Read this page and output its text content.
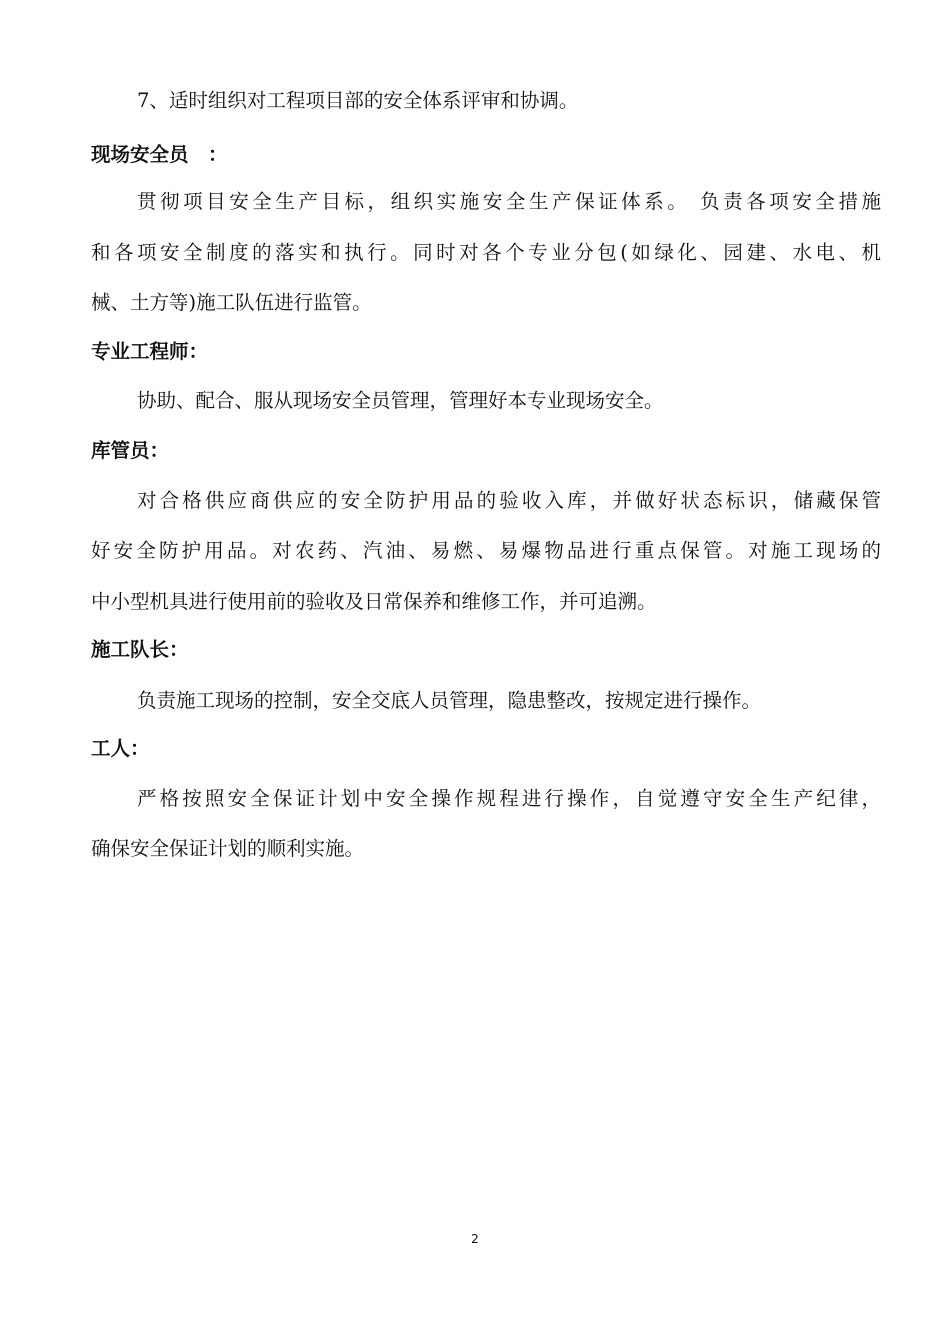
7、适时组织对工程项目部的安全体系评审和协调。
现场安全员　：
贯彻项目安全生产目标，组织实施安全生产保证体系。 负责各项安全措施
和各项安全制度的落实和执行。同时对各个专业分包(如绿化、园建、水电、机
械、土方等)施工队伍进行监管。
专业工程师：
协助、配合、服从现场安全员管理，管理好本专业现场安全。
库管员：
对合格供应商供应的安全防护用品的验收入库，并做好状态标识，储藏保管
好安全防护用品。对农药、汽油、易燃、易爆物品进行重点保管。对施工现场的
中小型机具进行使用前的验收及日常保养和维修工作，并可追溯。
施工队长：
负责施工现场的控制，安全交底人员管理，隐患整改，按规定进行操作。
工人：
严格按照安全保证计划中安全操作规程进行操作，自觉遵守安全生产纪律，
确保安全保证计划的顺利实施。
2
